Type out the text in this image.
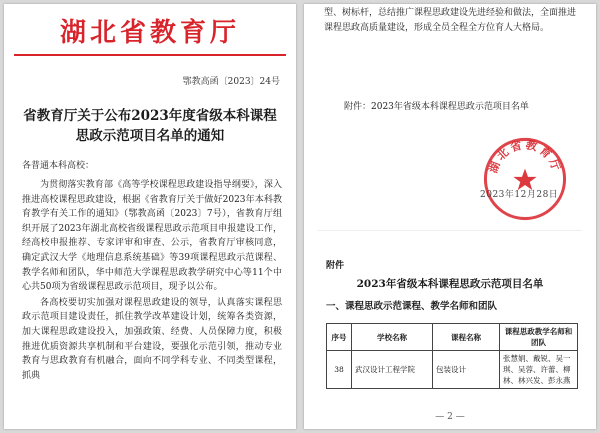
湖北省教育厅
鄂教高函〔2023〕24号
省教育厅关于公布2023年度省级本科课程
思政示范项目名单的通知
各普通本科高校：

为贯彻落实教育部《高等学校课程思政建设指导纲要》，深入推进高校课程思政建设，根据《省教育厅关于做好2023年本科教育教学有关工作的通知》（鄂教高函〔2023〕7号），省教育厅组织开展了2023年湖北高校省级课程思政示范项目申报建设工作，经高校申报推荐、专家评审和审查、公示，省教育厅审核同意，确定武汉大学《地理信息系统基础》等39项课程思政示范课程、教学名师和团队，华中师范大学课程思政教学研究中心等11个中心共50项为省级课程思政示范项目，现予以公布。

各高校要切实加强对课程思政建设的领导，认真落实课程思政示范项目建设责任，抓住教学改革建设计划，统筹各类资源，加大课程思政建设投入，加强政策、经费、人员保障力度，积极推进优质资源共享机制和平台建设，要强化示范引领，推动专业教育与思政教育有机融合，面向不同学科专业、不同类型课程，抓典

型、树标杆，总结推广课程思政建设先进经验和做法，全面推进课程思政高质量建设，形成全员全程全方位育人大格局。
附件：2023年省级本科课程思政示范项目名单
湖北省教育厅
2023年12月28日
附件
2023年省级本科课程思政示范项目名单
一、课程思政示范课程、教学名师和团队
序号	学校名称	课程名称	课程思政教学名师和团队
38	武汉设计工程学院	包装设计	张慧娟、戴锐、吴一琪、吴蓉、许蕾、柳林、林兴发、彭永燕
— 2 —
